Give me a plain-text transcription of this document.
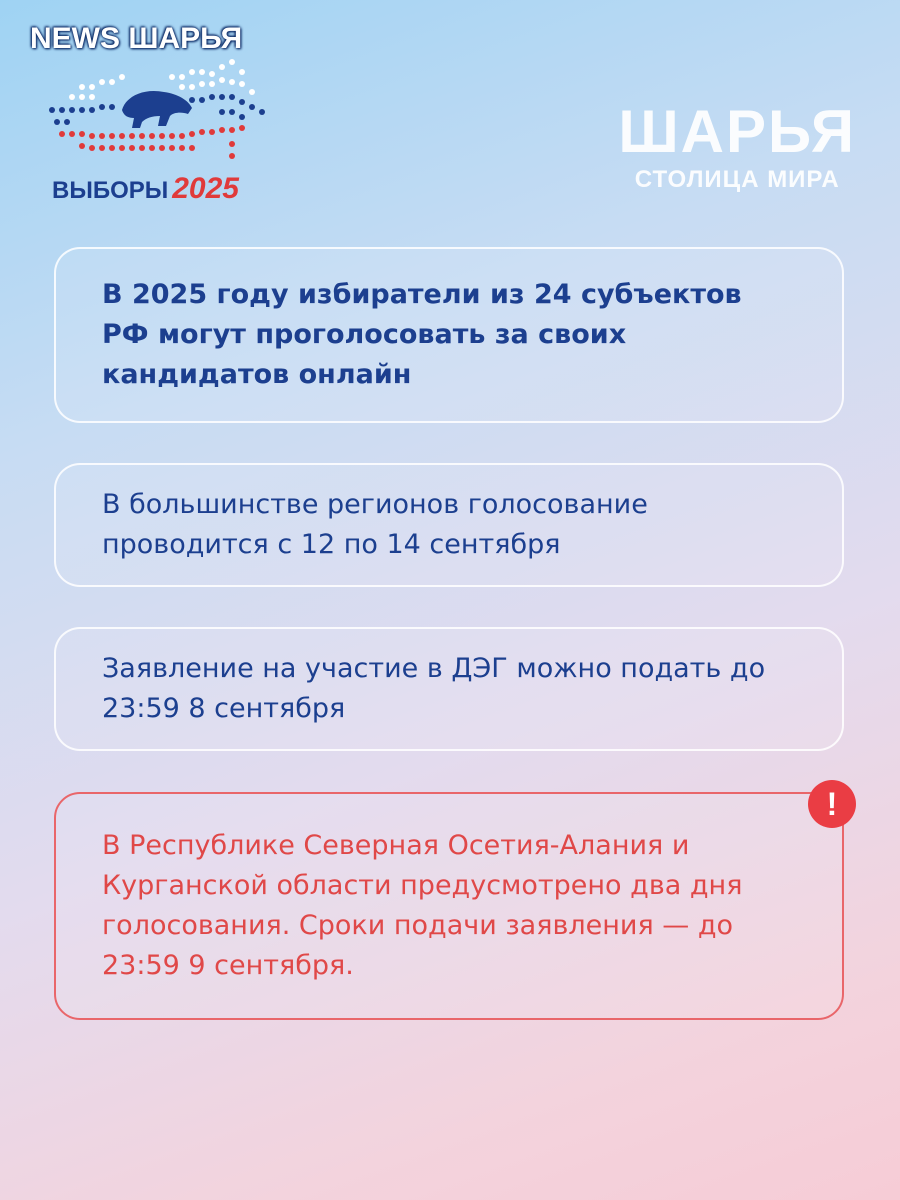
NEWS ШАРЬЯ
ВЫБОРЫ 2025
ШАРЬЯ
СТОЛИЦА МИРА
В 2025 году избиратели из 24 субъектов РФ могут проголосовать за своих кандидатов онлайн
В большинстве регионов голосование проводится с 12 по 14 сентября
Заявление на участие в ДЭГ можно подать до 23:59 8 сентября
В Республике Северная Осетия-Алания и Курганской области предусмотрено два дня голосования. Сроки подачи заявления — до 23:59 9 сентября.
!
